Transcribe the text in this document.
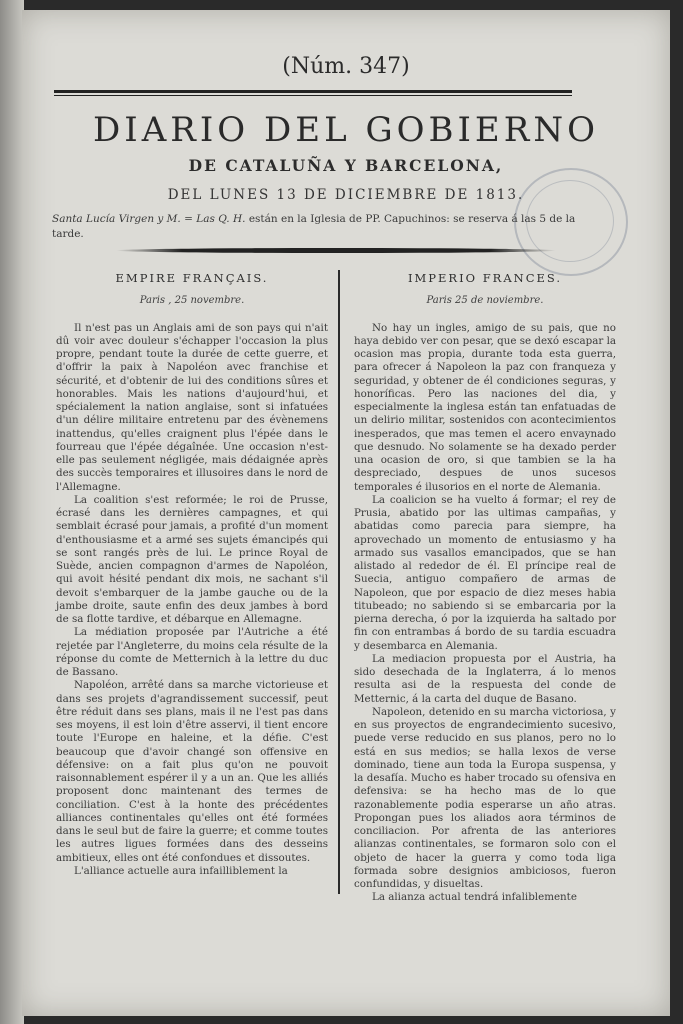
(Núm. 347)
DIARIO DEL GOBIERNO
DE CATALUÑA Y BARCELONA,
DEL LUNES 13 DE DICIEMBRE DE 1813.
Santa Lucía Virgen y M. = Las Q. H. están en la Iglesia de PP. Capuchinos: se reserva á las 5 de la tarde.
EMPIRE FRANÇAIS.
Paris , 25 novembre.

Il n'est pas un Anglais ami de son pays qui n'ait dû voir avec douleur s'échapper l'occasion la plus propre, pendant toute la durée de cette guerre, et d'offrir la paix à Napoléon avec franchise et sécurité, et d'obtenir de lui des conditions sûres et honorables. Mais les nations d'aujourd'hui, et spécialement la nation anglaise, sont si infatuées d'un délire militaire entretenu par des évènemens inattendus, qu'elles craignent plus l'épée dans le fourreau que l'épée dégaînée. Une occasion n'est-elle pas seulement négligée, mais dédaignée après des succès temporaires et illusoires dans le nord de l'Allemagne.

La coalition s'est reformée; le roi de Prusse, écrasé dans les dernières campagnes, et qui semblait écrasé pour jamais, a profité d'un moment d'enthousiasme et a armé ses sujets émancipés qui se sont rangés près de lui. Le prince Royal de Suède, ancien compagnon d'armes de Napoléon, qui avoit hésité pendant dix mois, ne sachant s'il devoit s'embarquer de la jambe gauche ou de la jambe droite, saute enfin des deux jambes à bord de sa flotte tardive, et débarque en Allemagne.

La médiation proposée par l'Autriche a été rejetée par l'Angleterre, du moins cela résulte de la réponse du comte de Metternich à la lettre du duc de Bassano.

Napoléon, arrêté dans sa marche victorieuse et dans ses projets d'agrandissement successif, peut être réduit dans ses plans, mais il ne l'est pas dans ses moyens, il est loin d'être asservi, il tient encore toute l'Europe en haleine, et la défie. C'est beaucoup que d'avoir changé son offensive en défensive: on a fait plus qu'on ne pouvoit raisonnablement espérer il y a un an. Que les alliés proposent donc maintenant des termes de conciliation. C'est à la honte des précédentes alliances continentales qu'elles ont été formées dans le seul but de faire la guerre; et comme toutes les autres ligues formées dans des desseins ambitieux, elles ont été confondues et dissoutes.

L'alliance actuelle aura infailliblement la

IMPERIO FRANCES.
Paris 25 de noviembre.

No hay un ingles, amigo de su pais, que no haya debido ver con pesar, que se dexó escapar la ocasion mas propia, durante toda esta guerra, para ofrecer á Napoleon la paz con franqueza y seguridad, y obtener de él condiciones seguras, y honoríficas. Pero las naciones del dia, y especialmente la inglesa están tan enfatuadas de un delirio militar, sostenidos con acontecimientos inesperados, que mas temen el acero envaynado que desnudo. No solamente se ha dexado perder una ocasion de oro, si que tambien se la ha despreciado, despues de unos sucesos temporales é ilusorios en el norte de Alemania.

La coalicion se ha vuelto á formar; el rey de Prusia, abatido por las ultimas campañas, y abatidas como parecia para siempre, ha aprovechado un momento de entusiasmo y ha armado sus vasallos emancipados, que se han alistado al rededor de él. El príncipe real de Suecia, antiguo compañero de armas de Napoleon, que por espacio de diez meses habia titubeado; no sabiendo si se embarcaria por la pierna derecha, ó por la izquierda ha saltado por fin con entrambas á bordo de su tardia escuadra y desembarca en Alemania.

La mediacion propuesta por el Austria, ha sido desechada de la Inglaterra, á lo menos resulta asi de la respuesta del conde de Metternic, á la carta del duque de Basano.

Napoleon, detenido en su marcha victoriosa, y en sus proyectos de engrandecimiento sucesivo, puede verse reducido en sus planos, pero no lo está en sus medios; se halla lexos de verse dominado, tiene aun toda la Europa suspensa, y la desafía. Mucho es haber trocado su ofensiva en defensiva: se ha hecho mas de lo que razonablemente podia esperarse un año atras. Propongan pues los aliados aora términos de conciliacion. Por afrenta de las anteriores alianzas continentales, se formaron solo con el objeto de hacer la guerra y como toda liga formada sobre designios ambiciosos, fueron confundidas, y disueltas.

La alianza actual tendrá infaliblemente
